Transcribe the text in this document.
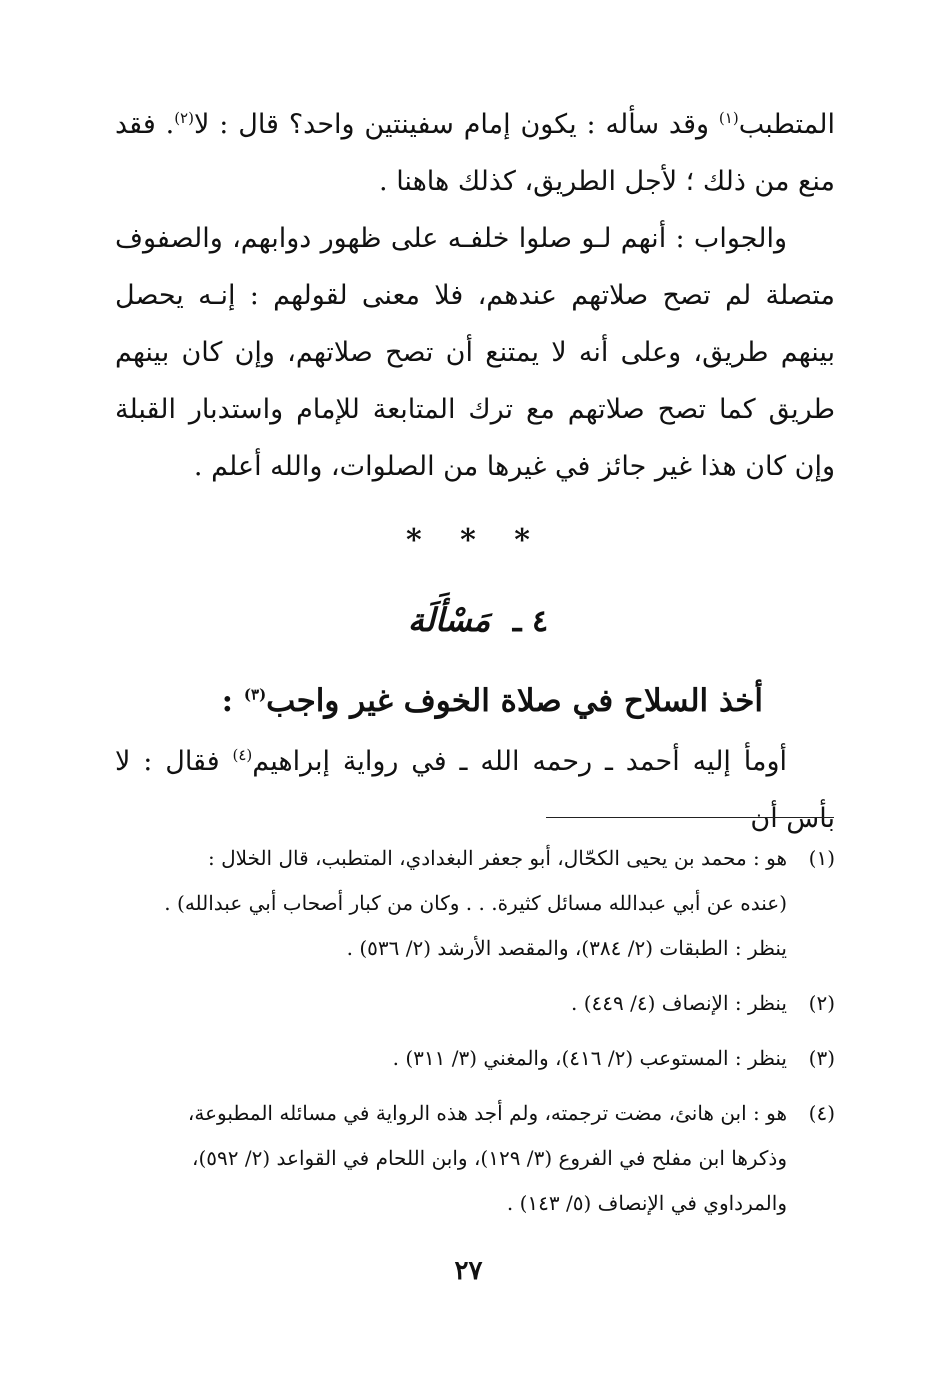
المتطبب$^{(١)}$ وقد سأله : يكون إمام سفينتين واحد؟ قال : لا$^{(٢)}$. فقد منع من ذلك ؛ لأجل الطريق، كذلك هاهنا .

والجواب : أنهم لـو صلوا خلفـه على ظهور دوابهم، والصفوف متصلة لم تصح صلاتهم عندهم، فلا معنى لقولهم : إنـه يحصل بينهم طريق، وعلى أنه لا يمتنع أن تصح صلاتهم، وإن كان بينهم طريق كما تصح صلاتهم مع ترك المتابعة للإمام واستدبار القبلة وإن كان هذا غير جائز في غيرها من الصلوات، والله أعلم .

* * *
٤ ـ مَسْأَلَة
أخذ السلاح في صلاة الخوف غير واجب$^{(٣)}$ :

أومأ إليه أحمد ـ رحمه الله ـ في رواية إبراهيم$^{(٤)}$ فقال : لا بأس أن

(١)
هو : محمد بن يحيى الكحّال، أبو جعفر البغدادي، المتطبب، قال الخلال :
(عنده عن أبي عبدالله مسائل كثيرة. . . وكان من كبار أصحاب أبي عبدالله) .
ينظر : الطبقات (٢/ ٣٨٤)، والمقصد الأرشد (٢/ ٥٣٦) .
(٢)
ينظر : الإنصاف (٤/ ٤٤٩) .
(٣)
ينظر : المستوعب (٢/ ٤١٦)، والمغني (٣/ ٣١١) .
(٤)
هو : ابن هانئ، مضت ترجمته، ولم أجد هذه الرواية في مسائله المطبوعة،
وذكرها ابن مفلح في الفروع (٣/ ١٢٩)، وابن اللحام في القواعد (٢/ ٥٩٢)،
والمرداوي في الإنصاف (٥/ ١٤٣) .
٢٧
